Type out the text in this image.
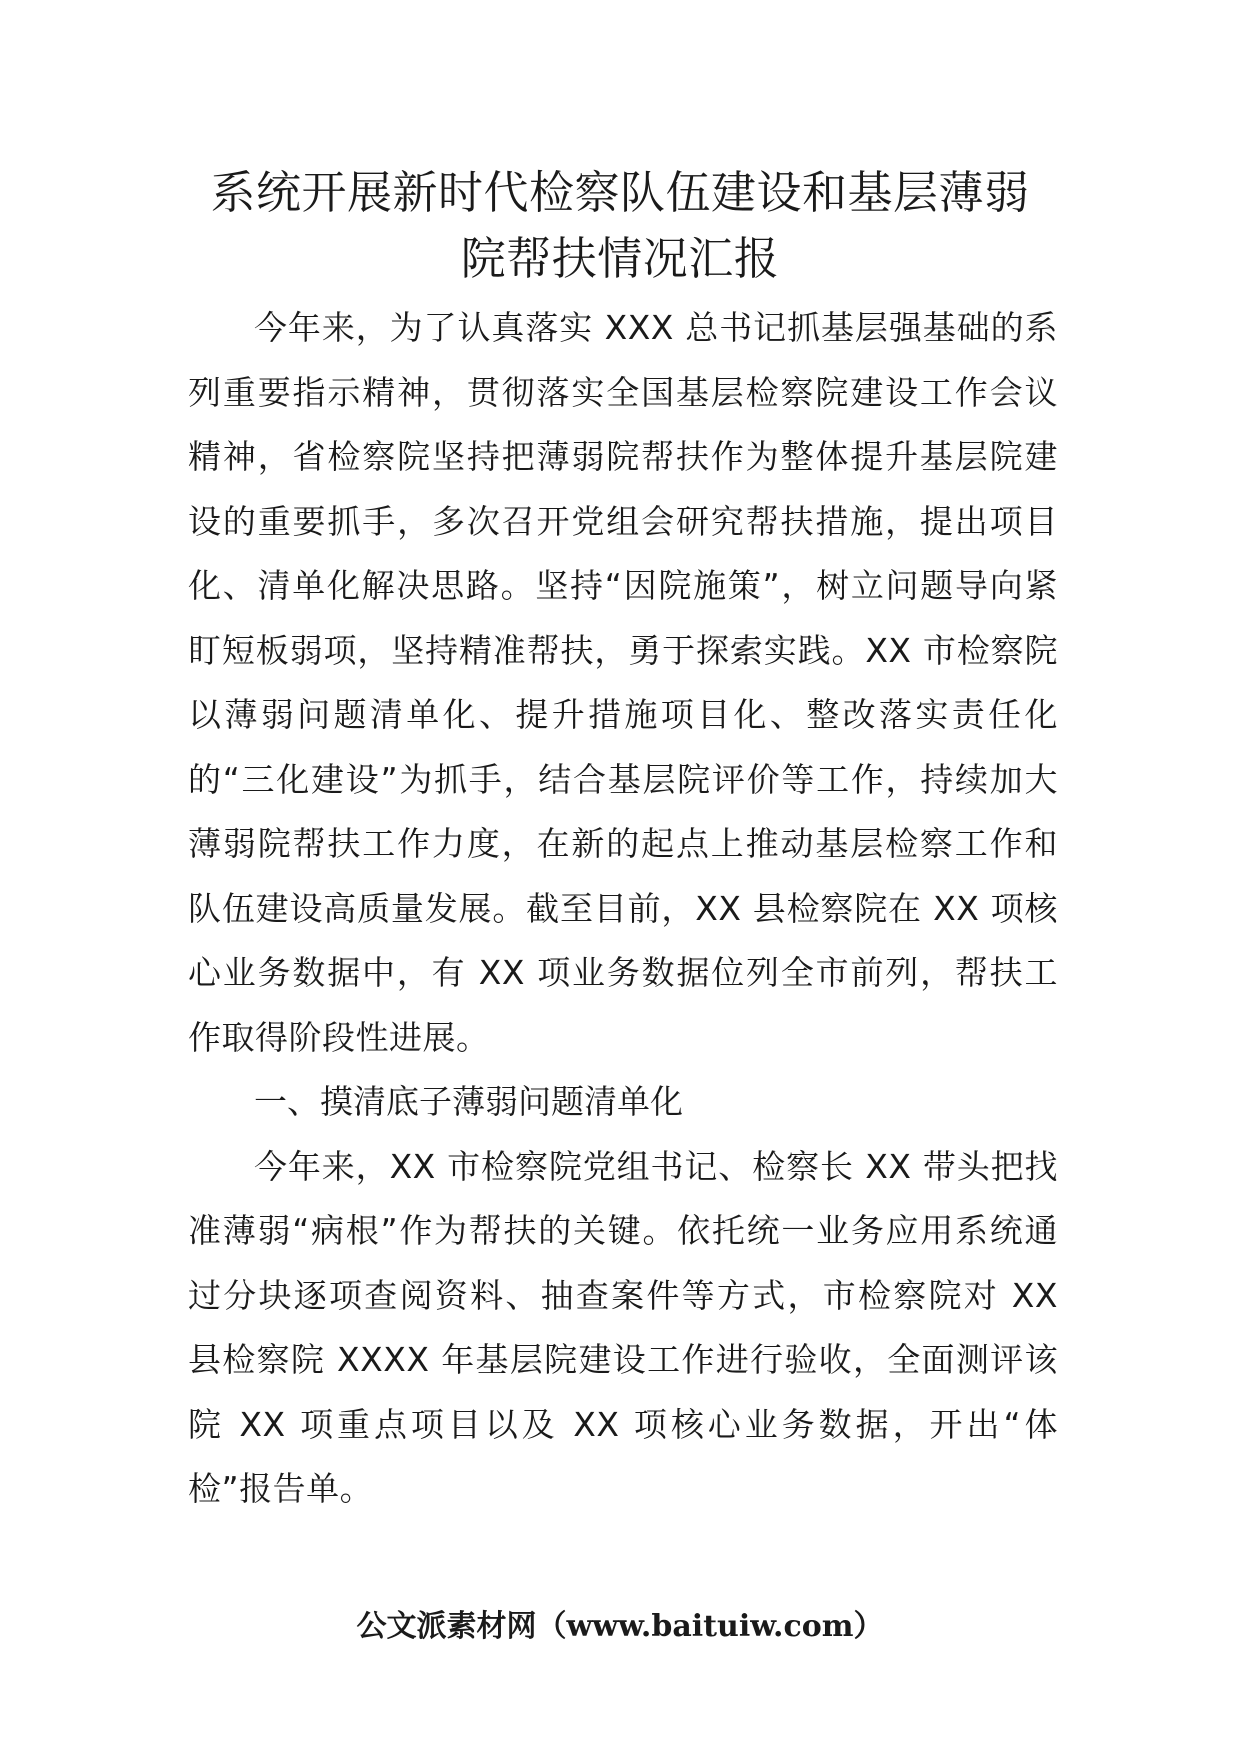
系统开展新时代检察队伍建设和基层薄弱
院帮扶情况汇报

今年来，为了认真落实 XXX 总书记抓基层强基础的系列重要指示精神，贯彻落实全国基层检察院建设工作会议精神，省检察院坚持把薄弱院帮扶作为整体提升基层院建设的重要抓手，多次召开党组会研究帮扶措施，提出项目化、清单化解决思路。坚持“因院施策”，树立问题导向紧盯短板弱项，坚持精准帮扶，勇于探索实践。XX 市检察院以薄弱问题清单化、提升措施项目化、整改落实责任化的“三化建设”为抓手，结合基层院评价等工作，持续加大薄弱院帮扶工作力度，在新的起点上推动基层检察工作和队伍建设高质量发展。截至目前，XX 县检察院在 XX 项核心业务数据中，有 XX 项业务数据位列全市前列，帮扶工作取得阶段性进展。

一、摸清底子薄弱问题清单化

今年来，XX 市检察院党组书记、检察长 XX 带头把找准薄弱“病根”作为帮扶的关键。依托统一业务应用系统通过分块逐项查阅资料、抽查案件等方式，市检察院对 XX 县检察院 XXXX 年基层院建设工作进行验收，全面测评该院 XX 项重点项目以及 XX 项核心业务数据，开出“体检”报告单。

公文派素材网（www.baituiw.com）
